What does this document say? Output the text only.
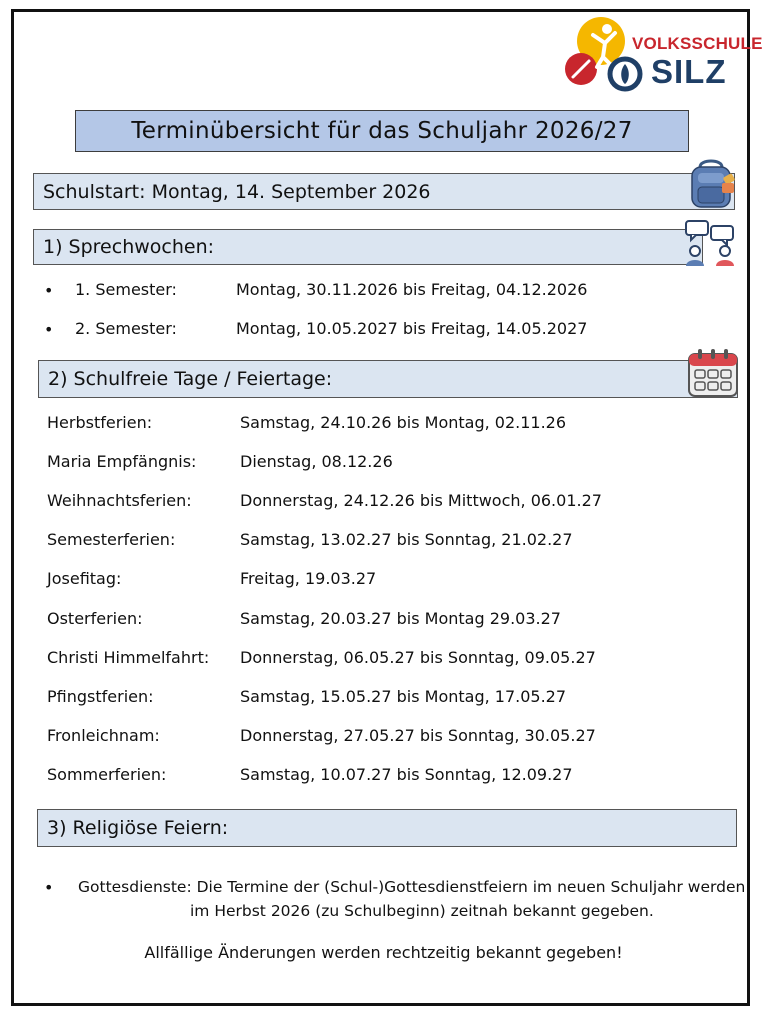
VOLKSSCHULE
SILZ
Terminübersicht für das Schuljahr 2026/27
Schulstart: Montag, 14. September 2026
1) Sprechwochen:
• 1. Semester:	Montag, 30.11.2026 bis Freitag, 04.12.2026
• 2. Semester:	Montag, 10.05.2027 bis Freitag, 14.05.2027
2) Schulfreie Tage / Feiertage:
Herbstferien:	Samstag, 24.10.26 bis Montag, 02.11.26
Maria Empfängnis:	Dienstag, 08.12.26
Weihnachtsferien:	Donnerstag, 24.12.26 bis Mittwoch, 06.01.27
Semesterferien:	Samstag, 13.02.27 bis Sonntag, 21.02.27
Josefitag:	Freitag, 19.03.27
Osterferien:	Samstag, 20.03.27 bis Montag 29.03.27
Christi Himmelfahrt: Donnerstag, 06.05.27 bis Sonntag, 09.05.27
Pfingstferien:	Samstag, 15.05.27 bis Montag, 17.05.27
Fronleichnam:	Donnerstag, 27.05.27 bis Sonntag, 30.05.27
Sommerferien:	Samstag, 10.07.27 bis Sonntag, 12.09.27
3) Religiöse Feiern:
• Gottesdienste: Die Termine der (Schul-)Gottesdienstfeiern im neuen Schuljahr werden
im Herbst 2026 (zu Schulbeginn) zeitnah bekannt gegeben.
Allfällige Änderungen werden rechtzeitig bekannt gegeben!
